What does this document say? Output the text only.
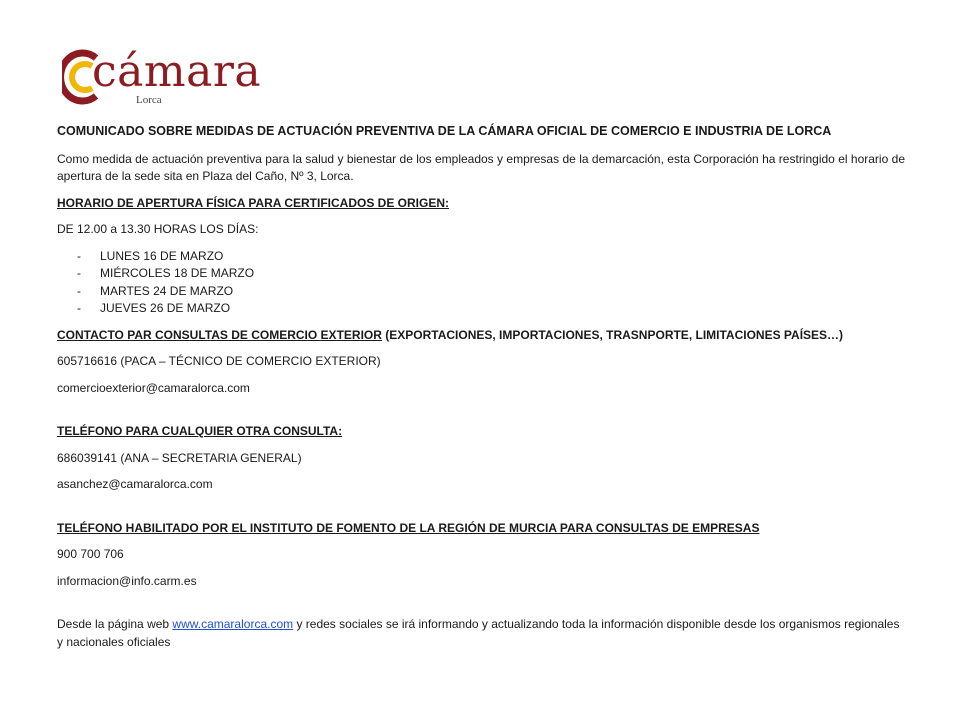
cámara
Lorca
COMUNICADO SOBRE MEDIDAS DE ACTUACIÓN PREVENTIVA DE LA CÁMARA OFICIAL DE COMERCIO E INDUSTRIA DE LORCA

Como medida de actuación preventiva para la salud y bienestar de los empleados y empresas de la demarcación, esta Corporación ha restringido el horario de apertura de la sede sita en Plaza del Caño, Nº 3, Lorca.

HORARIO DE APERTURA FÍSICA PARA CERTIFICADOS DE ORIGEN:

DE 12.00 a 13.30 HORAS LOS DÍAS:

- LUNES 16 DE MARZO
- MIÉRCOLES 18 DE MARZO
- MARTES 24 DE MARZO
- JUEVES 26 DE MARZO

CONTACTO PAR CONSULTAS DE COMERCIO EXTERIOR (EXPORTACIONES, IMPORTACIONES, TRASNPORTE, LIMITACIONES PAÍSES…)

605716616 (PACA – TÉCNICO DE COMERCIO EXTERIOR)

comercioexterior@camaralorca.com

TELÉFONO PARA CUALQUIER OTRA CONSULTA:

686039141 (ANA – SECRETARIA GENERAL)

asanchez@camaralorca.com

TELÉFONO HABILITADO POR EL INSTITUTO DE FOMENTO DE LA REGIÓN DE MURCIA PARA CONSULTAS DE EMPRESAS

900 700 706

informacion@info.carm.es

Desde la página web www.camaralorca.com y redes sociales se irá informando y actualizando toda la información disponible desde los organismos regionales y nacionales oficiales
